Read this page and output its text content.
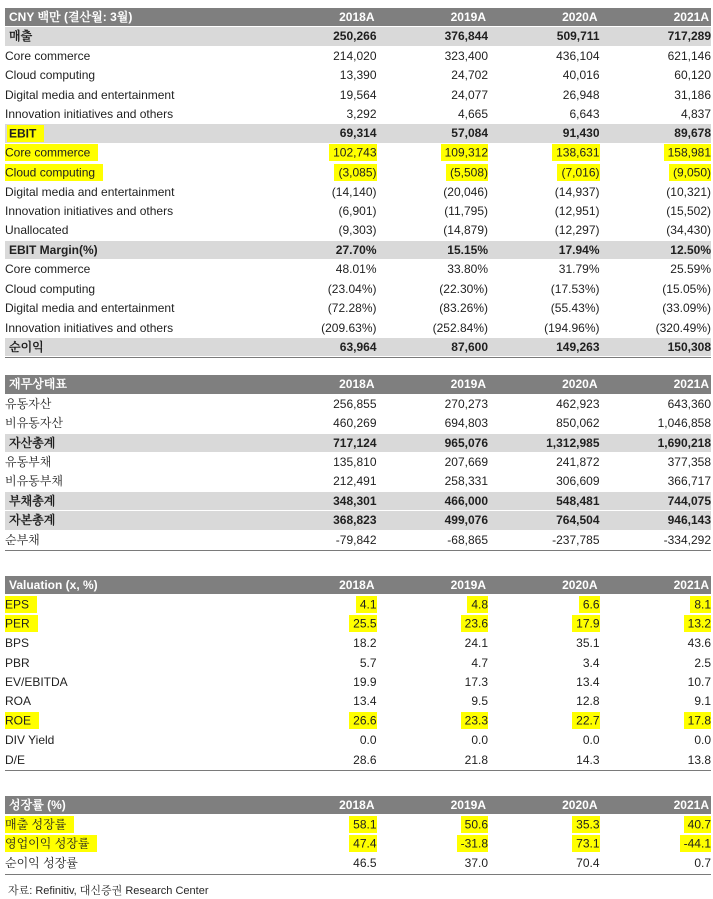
CNY 백만 (결산월: 3월)	2018A	2019A	2020A	2021A
매출	250,266	376,844	509,711	717,289
Core commerce	214,020	323,400	436,104	621,146
Cloud computing	13,390	24,702	40,016	60,120
Digital media and entertainment	19,564	24,077	26,948	31,186
Innovation initiatives and others	3,292	4,665	6,643	4,837
EBIT	69,314	57,084	91,430	89,678
Core commerce	102,743	109,312	138,631	158,981
Cloud computing	(3,085)	(5,508)	(7,016)	(9,050)
Digital media and entertainment	(14,140)	(20,046)	(14,937)	(10,321)
Innovation initiatives and others	(6,901)	(11,795)	(12,951)	(15,502)
Unallocated	(9,303)	(14,879)	(12,297)	(34,430)
EBIT Margin(%)	27.70%	15.15%	17.94%	12.50%
Core commerce	48.01%	33.80%	31.79%	25.59%
Cloud computing	(23.04%)	(22.30%)	(17.53%)	(15.05%)
Digital media and entertainment	(72.28%)	(83.26%)	(55.43%)	(33.09%)
Innovation initiatives and others	(209.63%)	(252.84%)	(194.96%)	(320.49%)
순이익	63,964	87,600	149,263	150,308
재무상태표	2018A	2019A	2020A	2021A
유동자산	256,855	270,273	462,923	643,360
비유동자산	460,269	694,803	850,062	1,046,858
자산총계	717,124	965,076	1,312,985	1,690,218
유동부채	135,810	207,669	241,872	377,358
비유동부채	212,491	258,331	306,609	366,717
부채총계	348,301	466,000	548,481	744,075
자본총계	368,823	499,076	764,504	946,143
순부채	-79,842	-68,865	-237,785	-334,292
Valuation (x, %)	2018A	2019A	2020A	2021A
EPS	4.1	4.8	6.6	8.1
PER	25.5	23.6	17.9	13.2
BPS	18.2	24.1	35.1	43.6
PBR	5.7	4.7	3.4	2.5
EV/EBITDA	19.9	17.3	13.4	10.7
ROA	13.4	9.5	12.8	9.1
ROE	26.6	23.3	22.7	17.8
DIV Yield	0.0	0.0	0.0	0.0
D/E	28.6	21.8	14.3	13.8
성장률 (%)	2018A	2019A	2020A	2021A
매출 성장률	58.1	50.6	35.3	40.7
영업이익 성장률	47.4	-31.8	73.1	-44.1
순이익 성장률	46.5	37.0	70.4	0.7
자료: Refinitiv, 대신증권 Research Center
